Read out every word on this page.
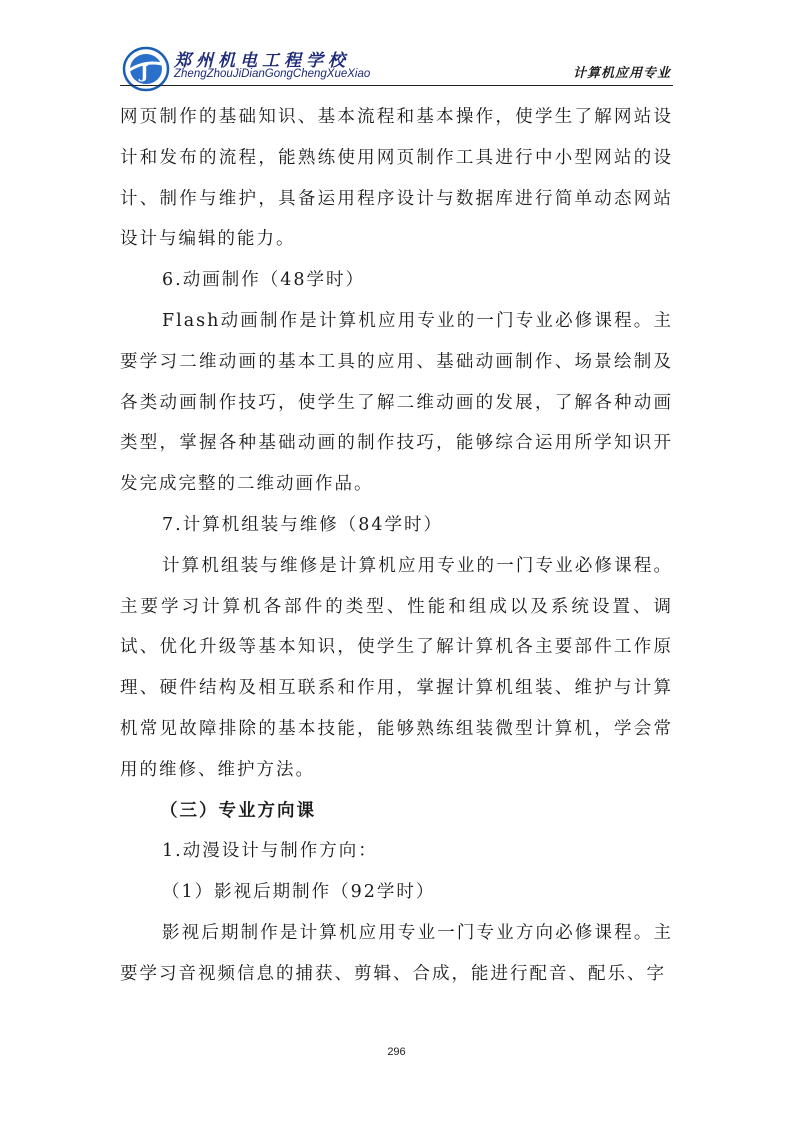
J
郑州机电工程学校
ZhengZhouJiDianGongChengXueXiao	计算机应用专业

网页制作的基础知识、基本流程和基本操作，使学生了解网站设计和发布的流程，能熟练使用网页制作工具进行中小型网站的设计、制作与维护，具备运用程序设计与数据库进行简单动态网站设计与编辑的能力。

6.动画制作（48学时）

Flash动画制作是计算机应用专业的一门专业必修课程。主要学习二维动画的基本工具的应用、基础动画制作、场景绘制及各类动画制作技巧，使学生了解二维动画的发展，了解各种动画类型，掌握各种基础动画的制作技巧，能够综合运用所学知识开发完成完整的二维动画作品。

7.计算机组装与维修（84学时）

计算机组装与维修是计算机应用专业的一门专业必修课程。主要学习计算机各部件的类型、性能和组成以及系统设置、调试、优化升级等基本知识，使学生了解计算机各主要部件工作原理、硬件结构及相互联系和作用，掌握计算机组装、维护与计算机常见故障排除的基本技能，能够熟练组装微型计算机，学会常用的维修、维护方法。

（三）专业方向课

1.动漫设计与制作方向：

（1）影视后期制作（92学时）

影视后期制作是计算机应用专业一门专业方向必修课程。主要学习音视频信息的捕获、剪辑、合成，能进行配音、配乐、字

296
